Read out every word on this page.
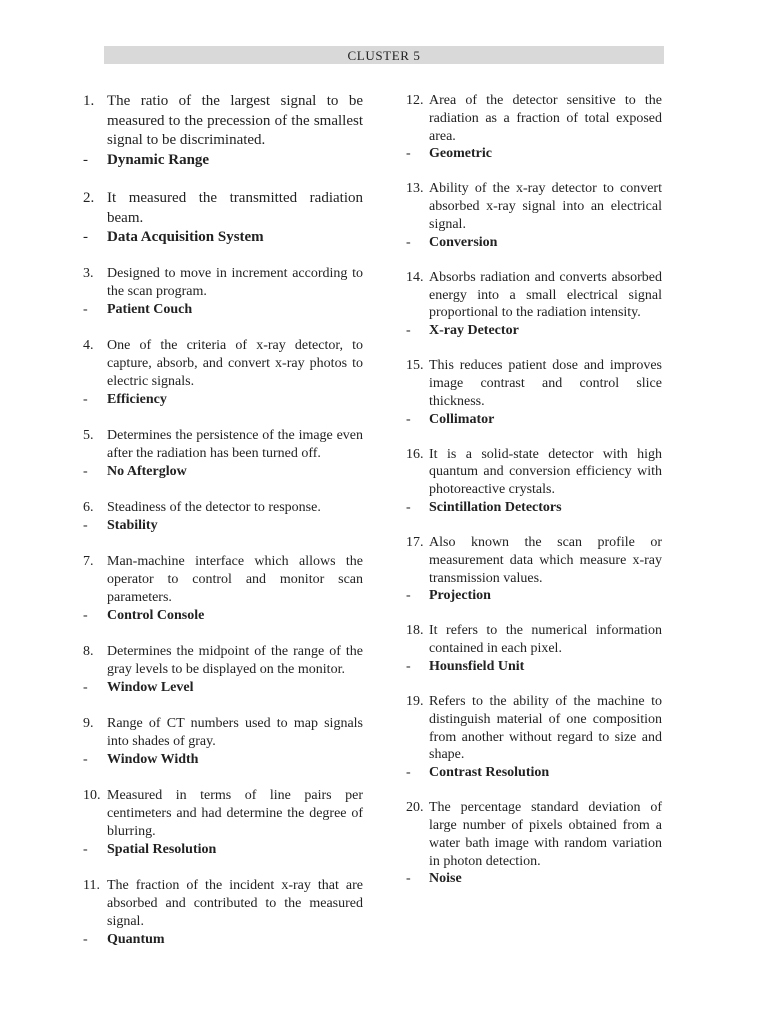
CLUSTER 5
1. The ratio of the largest signal to be measured to the precession of the smallest signal to be discriminated.
-	Dynamic Range
2. It measured the transmitted radiation beam.
-	Data Acquisition System
3. Designed to move in increment according to the scan program.
-	Patient Couch
4. One of the criteria of x-ray detector, to capture, absorb, and convert x-ray photos to electric signals.
-	Efficiency
5. Determines the persistence of the image even after the radiation has been turned off.
-	No Afterglow
6. Steadiness of the detector to response.
-	Stability
7. Man-machine interface which allows the operator to control and monitor scan parameters.
-	Control Console
8. Determines the midpoint of the range of the gray levels to be displayed on the monitor.
-	Window Level
9. Range of CT numbers used to map signals into shades of gray.
-	Window Width
10. Measured in terms of line pairs per centimeters and had determine the degree of blurring.
-	Spatial Resolution
11. The fraction of the incident x-ray that are absorbed and contributed to the measured signal.
-	Quantum
12. Area of the detector sensitive to the radiation as a fraction of total exposed area.
-	Geometric
13. Ability of the x-ray detector to convert absorbed x-ray signal into an electrical signal.
-	Conversion
14. Absorbs radiation and converts absorbed energy into a small electrical signal proportional to the radiation intensity.
-	X-ray Detector
15. This reduces patient dose and improves image contrast and control slice thickness.
-	Collimator
16. It is a solid-state detector with high quantum and conversion efficiency with photoreactive crystals.
-	Scintillation Detectors
17. Also known the scan profile or measurement data which measure x-ray transmission values.
-	Projection
18. It refers to the numerical information contained in each pixel.
-	Hounsfield Unit
19. Refers to the ability of the machine to distinguish material of one composition from another without regard to size and shape.
-	Contrast Resolution
20. The percentage standard deviation of large number of pixels obtained from a water bath image with random variation in photon detection.
-	Noise
